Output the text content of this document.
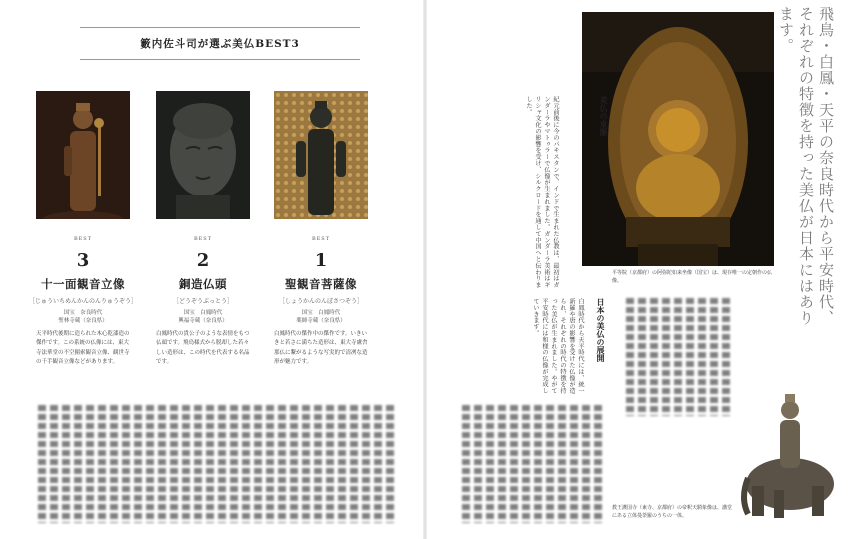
籔内佐斗司が選ぶ美仏BEST3
BEST
3
十一面観音立像
［じゅういちめんかんのんりゅうぞう］
国宝　奈良時代
聖林寺蔵（奈良県）
BEST
2
銅造仏頭
［どうぞうぶっとう］
国宝　白鳳時代
興福寺蔵（奈良県）
BEST
1
聖観音菩薩像
［しょうかんのんぼさつぞう］
国宝　白鳳時代
薬師寺蔵（奈良県）
天平時代後期に造られた木心乾漆造の傑作です。この系統の仏像には、東大寺法華堂の不空羂索観音立像、観世寺の千手観音立像などがあります。
白鳳時代の貴公子のような表情をもつ仏頭です。飛鳥様式から脱却した若々しい造形は、この時代を代表する名品です。
白鳳時代の傑作中の傑作です。いきいきと若さに満ちた造形は、東大寺盧舎那仏に繋がるような写実的で清冽な造形が魅力です。
飛鳥・白鳳・天平の奈良時代から平安時代、
それぞれの特徴を持った美仏が日本にはあります。
平等院（京都府）の阿弥陀如来坐像（国宝）は、現存唯一の定朝作の仏像。
美仏の東漸
紀元前後に今のパキスタンで、インドで生まれた仏教は、最初はガンダーラやマトゥラーで仏像が生まれました。ガンダーラ美術はギリシャ文化の影響を受け、シルクロードを通して中国へと伝わりました。
日本の美仏の展開
白鳳時代から天平時代には、統一新羅や唐の影響を受けた仏像が造られ、それぞれの時代の特徴を持った美仏が生まれました。やがて平安時代には和様の仏像が完成していきます。
教王護国寺（東寺、京都府）の帝釈天騎象像は、講堂にある立体曼荼羅のうちの一体。
